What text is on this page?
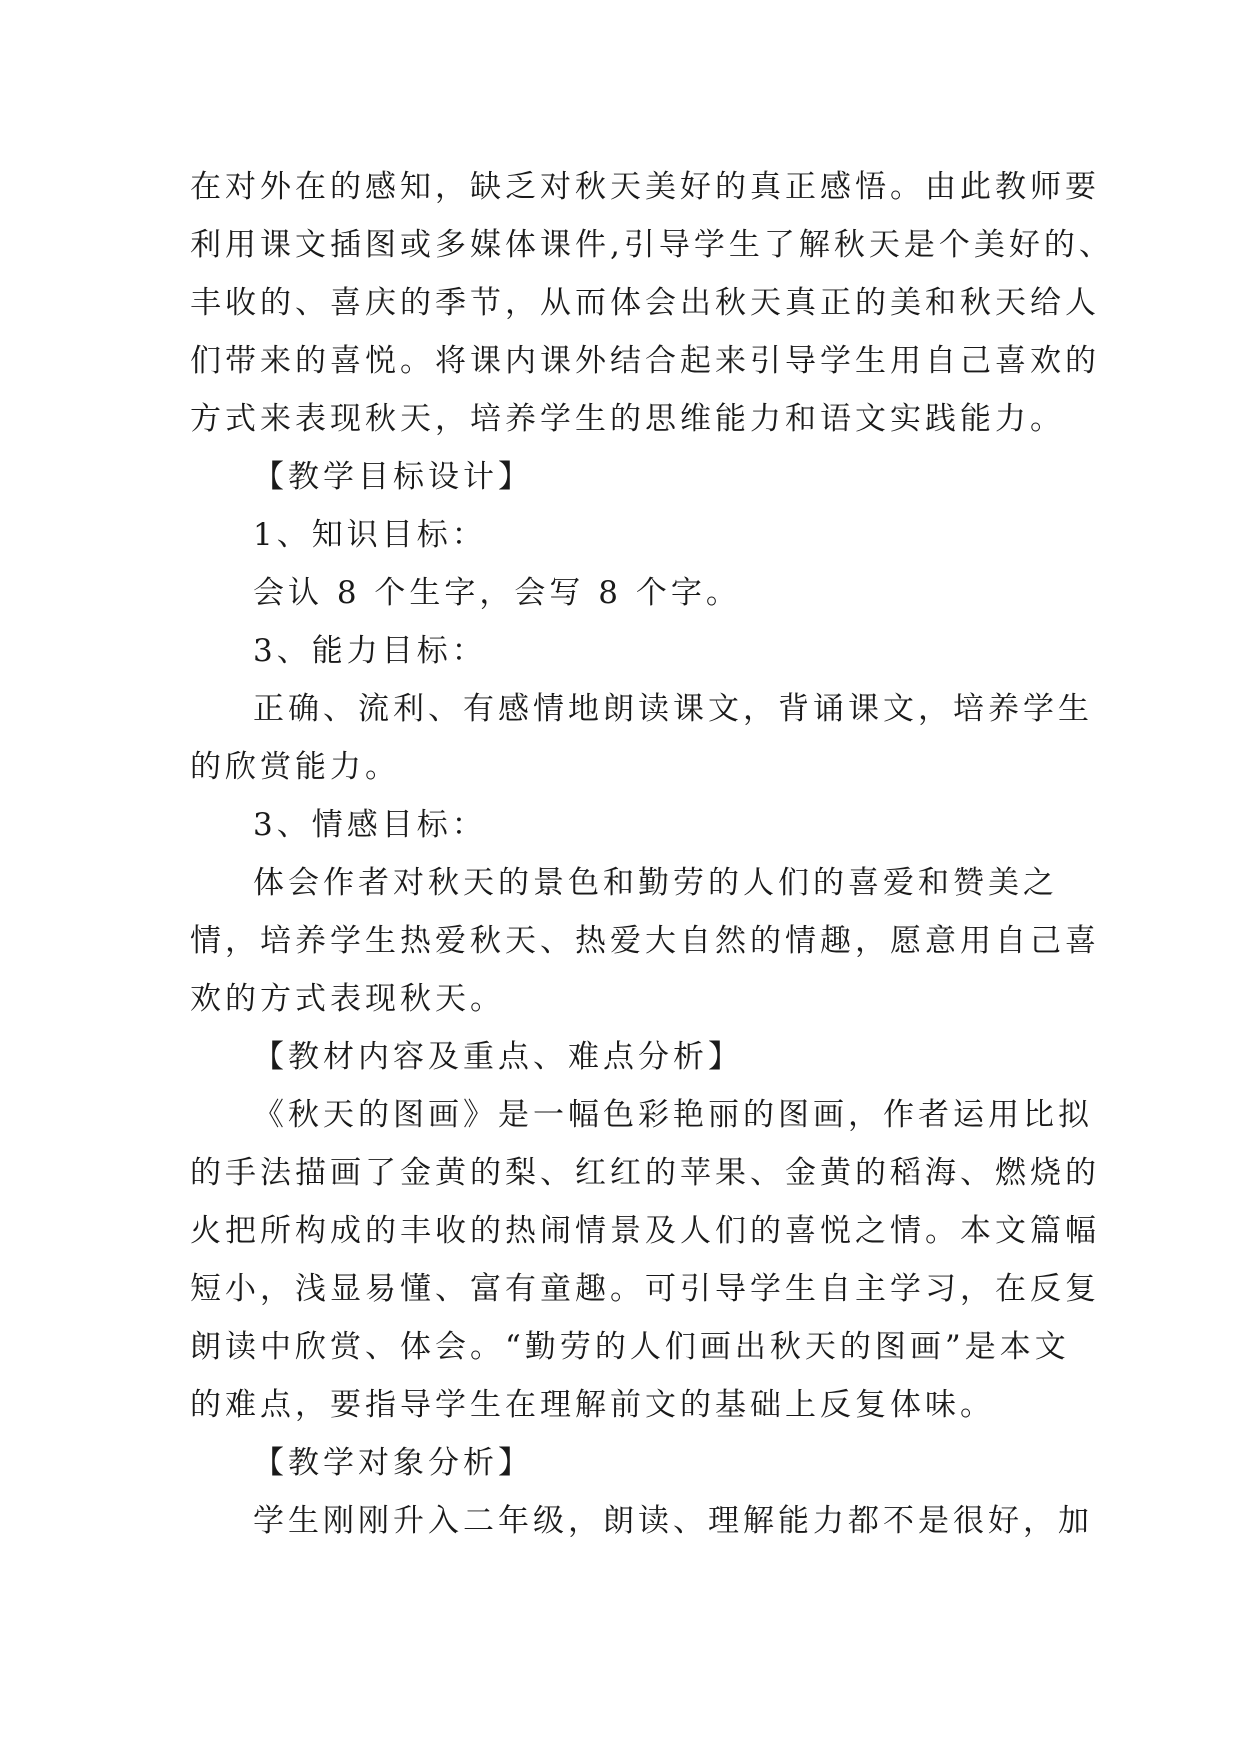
在对外在的感知，缺乏对秋天美好的真正感悟。由此教师要
利用课文插图或多媒体课件,引导学生了解秋天是个美好的、
丰收的、喜庆的季节，从而体会出秋天真正的美和秋天给人
们带来的喜悦。将课内课外结合起来引导学生用自己喜欢的
方式来表现秋天，培养学生的思维能力和语文实践能力。
【教学目标设计】
1、知识目标：
会认 8 个生字，会写 8 个字。
3、能力目标：
正确、流利、有感情地朗读课文，背诵课文，培养学生
的欣赏能力。
3、情感目标：
体会作者对秋天的景色和勤劳的人们的喜爱和赞美之
情，培养学生热爱秋天、热爱大自然的情趣，愿意用自己喜
欢的方式表现秋天。
【教材内容及重点、难点分析】
《秋天的图画》是一幅色彩艳丽的图画，作者运用比拟
的手法描画了金黄的梨、红红的苹果、金黄的稻海、燃烧的
火把所构成的丰收的热闹情景及人们的喜悦之情。本文篇幅
短小，浅显易懂、富有童趣。可引导学生自主学习，在反复
朗读中欣赏、体会。“勤劳的人们画出秋天的图画”是本文
的难点，要指导学生在理解前文的基础上反复体味。
【教学对象分析】
学生刚刚升入二年级，朗读、理解能力都不是很好，加
